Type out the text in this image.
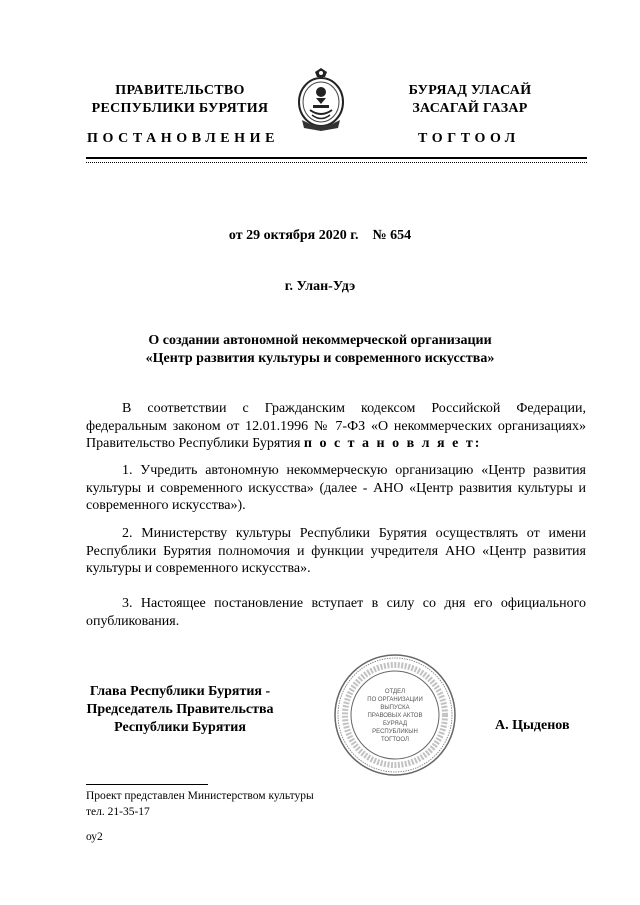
ПРАВИТЕЛЬСТВО
РЕСПУБЛИКИ БУРЯТИЯ
БУРЯАД УЛАСАЙ
ЗАСАГАЙ ГАЗАР
ПОСТАНОВЛЕНИЕ	ТОГТООЛ
от 29 октября 2020 г.    № 654
г. Улан-Удэ
О создании автономной некоммерческой организации
«Центр развития культуры и современного искусства»
В соответствии с Гражданским кодексом Российской Федерации, федеральным законом от 12.01.1996 № 7-ФЗ «О некоммерческих организациях» Правительство Республики Бурятия п о с т а н о в л я е т:
1. Учредить автономную некоммерческую организацию «Центр развития культуры и современного искусства» (далее - АНО «Центр развития культуры и современного искусства»).
2. Министерству культуры Республики Бурятия осуществлять от имени Республики Бурятия полномочия и функции учредителя АНО «Центр развития культуры и современного искусства».
3. Настоящее постановление вступает в силу со дня его официального опубликования.
Глава Республики Бурятия -
Председатель Правительства
Республики Бурятия
ОТДЕЛ
ПО ОРГАНИЗАЦИИ
ВЫПУСКА
ПРАВОВЫХ АКТОВ
БУРЯАД
РЕСПУБЛИКЫН
ТОГТООЛ
А. Цыденов
Проект представлен Министерством культуры
тел. 21-35-17
оу2
